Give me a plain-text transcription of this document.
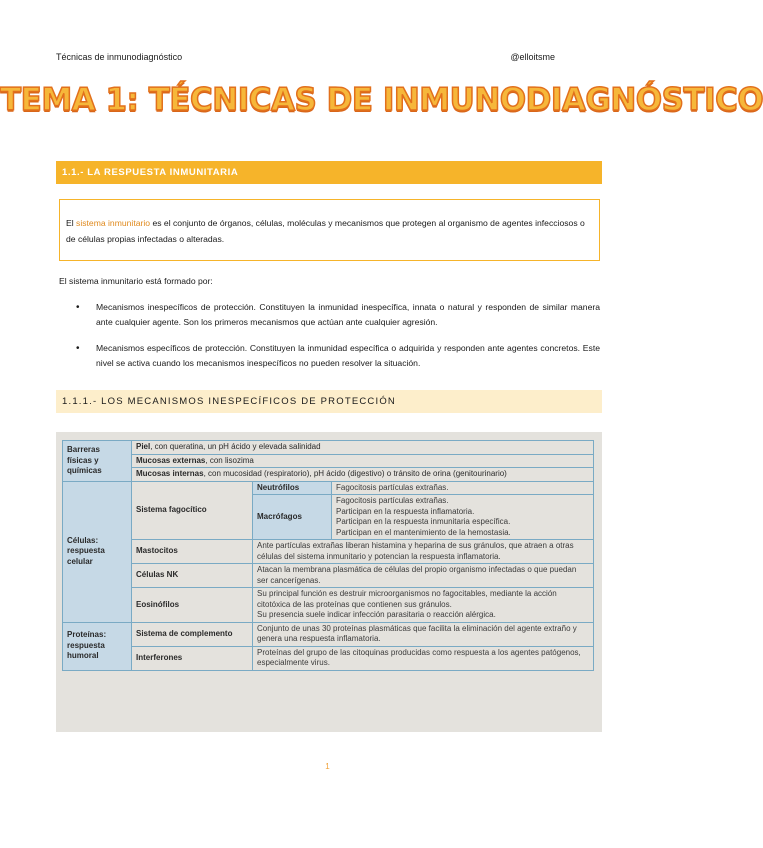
Técnicas de inmunodiagnóstico	@elloitsme
TEMA 1: TÉCNICAS DE INMUNODIAGNÓSTICO
1.1.- LA RESPUESTA INMUNITARIA
El sistema inmunitario es el conjunto de órganos, células, moléculas y mecanismos que protegen al organismo de agentes infecciosos o de células propias infectadas o alteradas.
El sistema inmunitario está formado por:
• Mecanismos inespecíficos de protección. Constituyen la inmunidad inespecífica, innata o natural y responden de similar manera ante cualquier agente. Son los primeros mecanismos que actúan ante cualquier agresión.
• Mecanismos específicos de protección. Constituyen la inmunidad específica o adquirida y responden ante agentes concretos. Este nivel se activa cuando los mecanismos inespecíficos no pueden resolver la situación.
1.1.1.- LOS MECANISMOS INESPECÍFICOS DE PROTECCIÓN
Barreras físicas y químicas	Piel, con queratina, un pH ácido y elevada salinidad		
	Mucosas externas, con lisozima		
	Mucosas internas, con mucosidad (respiratorio), pH ácido (digestivo) o tránsito de orina (genitourinario)		
Células: respuesta celular	Sistema fagocítico	Neutrófilos	Fagocitosis partículas extrañas.
		Macrófagos	Fagocitosis partículas extrañas.
Participan en la respuesta inflamatoria.
Participan en la respuesta inmunitaria específica.
Participan en el mantenimiento de la hemostasia.

	Mastocitos	Ante partículas extrañas liberan histamina y heparina de sus gránulos, que atraen a otras células del sistema inmunitario y potencian la respuesta inflamatoria.	
	Células NK	Atacan la membrana plasmática de células del propio organismo infectadas o que puedan ser cancerígenas.	
	Eosinófilos	Su principal función es destruir microorganismos no fagocitables, mediante la acción citotóxica de las proteínas que contienen sus gránulos.
Su presencia suele indicar infección parasitaria o reacción alérgica.	

Proteínas: respuesta humoral	Sistema de complemento	Conjunto de unas 30 proteínas plasmáticas que facilita la eliminación del agente extraño y genera una respuesta inflamatoria.	
	Interferones	Proteínas del grupo de las citoquinas producidas como respuesta a los agentes patógenos, especialmente virus.	
1
